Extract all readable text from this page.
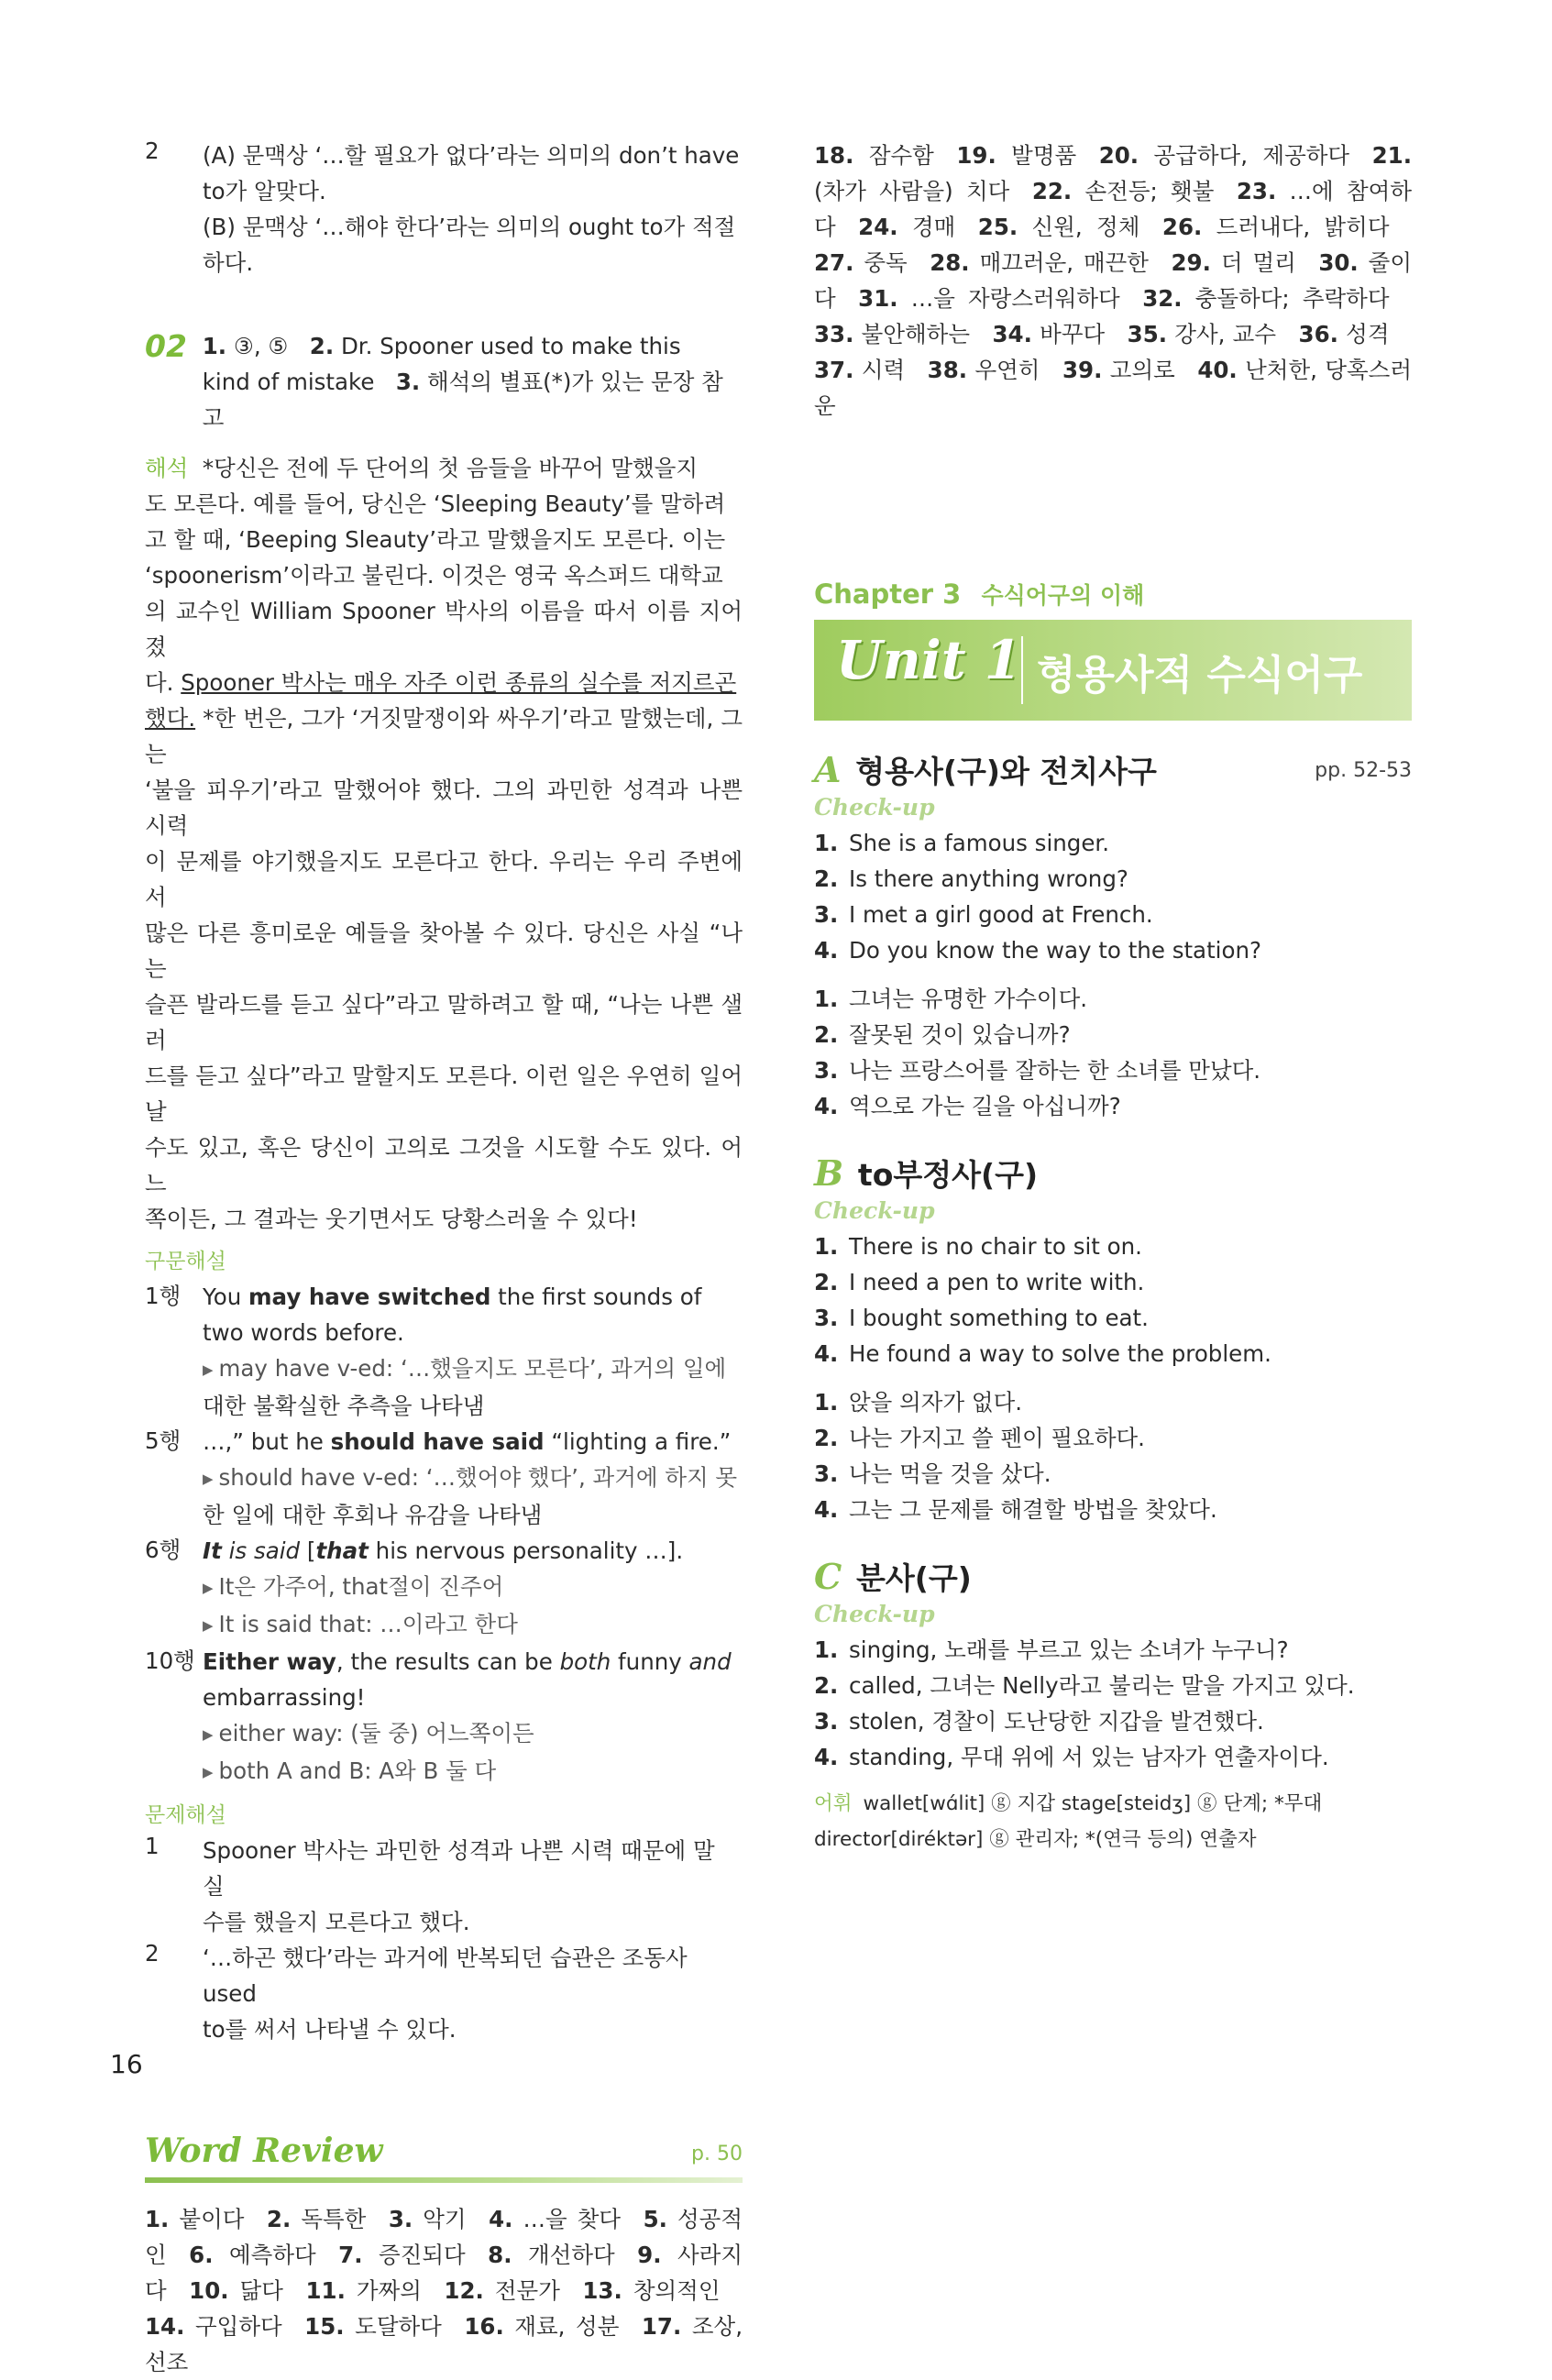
2	(A) 문맥상 ‘…할 필요가 없다’라는 의미의 don’t have
to가 알맞다.
(B) 문맥상 ‘…해야 한다’라는 의미의 ought to가 적절
하다.
02 1. ③, ⑤ 2. Dr. Spooner used to make this
kind of mistake 3. 해석의 별표(*)가 있는 문장 참고
해석 *당신은 전에 두 단어의 첫 음들을 바꾸어 말했을지
도 모른다. 예를 들어, 당신은 ‘Sleeping Beauty’를 말하려
고 할 때, ‘Beeping Sleauty’라고 말했을지도 모른다. 이는
‘spoonerism’이라고 불린다. 이것은 영국 옥스퍼드 대학교
의 교수인 William Spooner 박사의 이름을 따서 이름 지어졌
다. Spooner 박사는 매우 자주 이런 종류의 실수를 저지르곤
했다. *한 번은, 그가 ‘거짓말쟁이와 싸우기’라고 말했는데, 그는
‘불을 피우기’라고 말했어야 했다. 그의 과민한 성격과 나쁜 시력
이 문제를 야기했을지도 모른다고 한다. 우리는 우리 주변에서
많은 다른 흥미로운 예들을 찾아볼 수 있다. 당신은 사실 “나는
슬픈 발라드를 듣고 싶다”라고 말하려고 할 때, “나는 나쁜 샐러
드를 듣고 싶다”라고 말할지도 모른다. 이런 일은 우연히 일어날
수도 있고, 혹은 당신이 고의로 그것을 시도할 수도 있다. 어느
쪽이든, 그 결과는 웃기면서도 당황스러울 수 있다!
구문해설
1행 You may have switched the first sounds of
two words before.
▶ may have v-ed: ‘…했을지도 모른다’, 과거의 일에
대한 불확실한 추측을 나타냄
5행 …,” but he should have said “lighting a fire.”
▶ should have v-ed: ‘…했어야 했다’, 과거에 하지 못
한 일에 대한 후회나 유감을 나타냄
6행 It is said [that his nervous personality …].
▶ It은 가주어, that절이 진주어
▶ It is said that: …이라고 한다
10행 Either way, the results can be both funny and
embarrassing!
▶ either way: (둘 중) 어느쪽이든
▶ both A and B: A와 B 둘 다
문제해설
1	Spooner 박사는 과민한 성격과 나쁜 시력 때문에 말 실
수를 했을지 모른다고 했다.
2	‘…하곤 했다’라는 과거에 반복되던 습관은 조동사 used
to를 써서 나타낼 수 있다.
Word Review	p. 50
1. 붙이다  2. 독특한  3. 악기  4. …을 찾다  5. 성공적인  6. 예측하다  7. 증진되다  8. 개선하다  9. 사라지다  10. 닮다  11. 가짜의  12. 전문가  13. 창의적인 14. 구입하다  15. 도달하다  16. 재료, 성분  17. 조상, 선조 
18. 잠수함  19. 발명품  20. 공급하다, 제공하다  21. (차가 사람을) 치다  22. 손전등; 횃불  23. …에 참여하다  24. 경매  25. 신원, 정체  26. 드러내다, 밝히다 27. 중독  28. 매끄러운, 매끈한  29. 더 멀리  30. 줄이다  31. …을 자랑스러워하다  32. 충돌하다; 추락하다 33. 불안해하는  34. 바꾸다  35. 강사, 교수  36. 성격 37. 시력  38. 우연히  39. 고의로  40. 난처한, 당혹스러운 
Chapter 3 수식어구의 이해
Unit 1 형용사적 수식어구
A 형용사(구)와 전치사구	pp. 52-53
Check-up
1. She is a famous singer.
2. Is there anything wrong?
3. I met a girl good at French.
4. Do you know the way to the station?
1. 그녀는 유명한 가수이다.
2. 잘못된 것이 있습니까?
3. 나는 프랑스어를 잘하는 한 소녀를 만났다.
4. 역으로 가는 길을 아십니까?
B to부정사(구)
Check-up
1. There is no chair to sit on.
2. I need a pen to write with.
3. I bought something to eat.
4. He found a way to solve the problem.
1. 앉을 의자가 없다.
2. 나는 가지고 쓸 펜이 필요하다.
3. 나는 먹을 것을 샀다.
4. 그는 그 문제를 해결할 방법을 찾았다.
C 분사(구)
Check-up
1. singing, 노래를 부르고 있는 소녀가 누구니?
2. called, 그녀는 Nelly라고 불리는 말을 가지고 있다.
3. stolen, 경찰이 도난당한 지갑을 발견했다.
4. standing, 무대 위에 서 있는 남자가 연출자이다.
어휘 wallet[wɑ́lit] ⓖ 지갑 stage[steidʒ] ⓖ 단계; *무대
director[diréktər] ⓖ 관리자; *(연극 등의) 연출자
16
